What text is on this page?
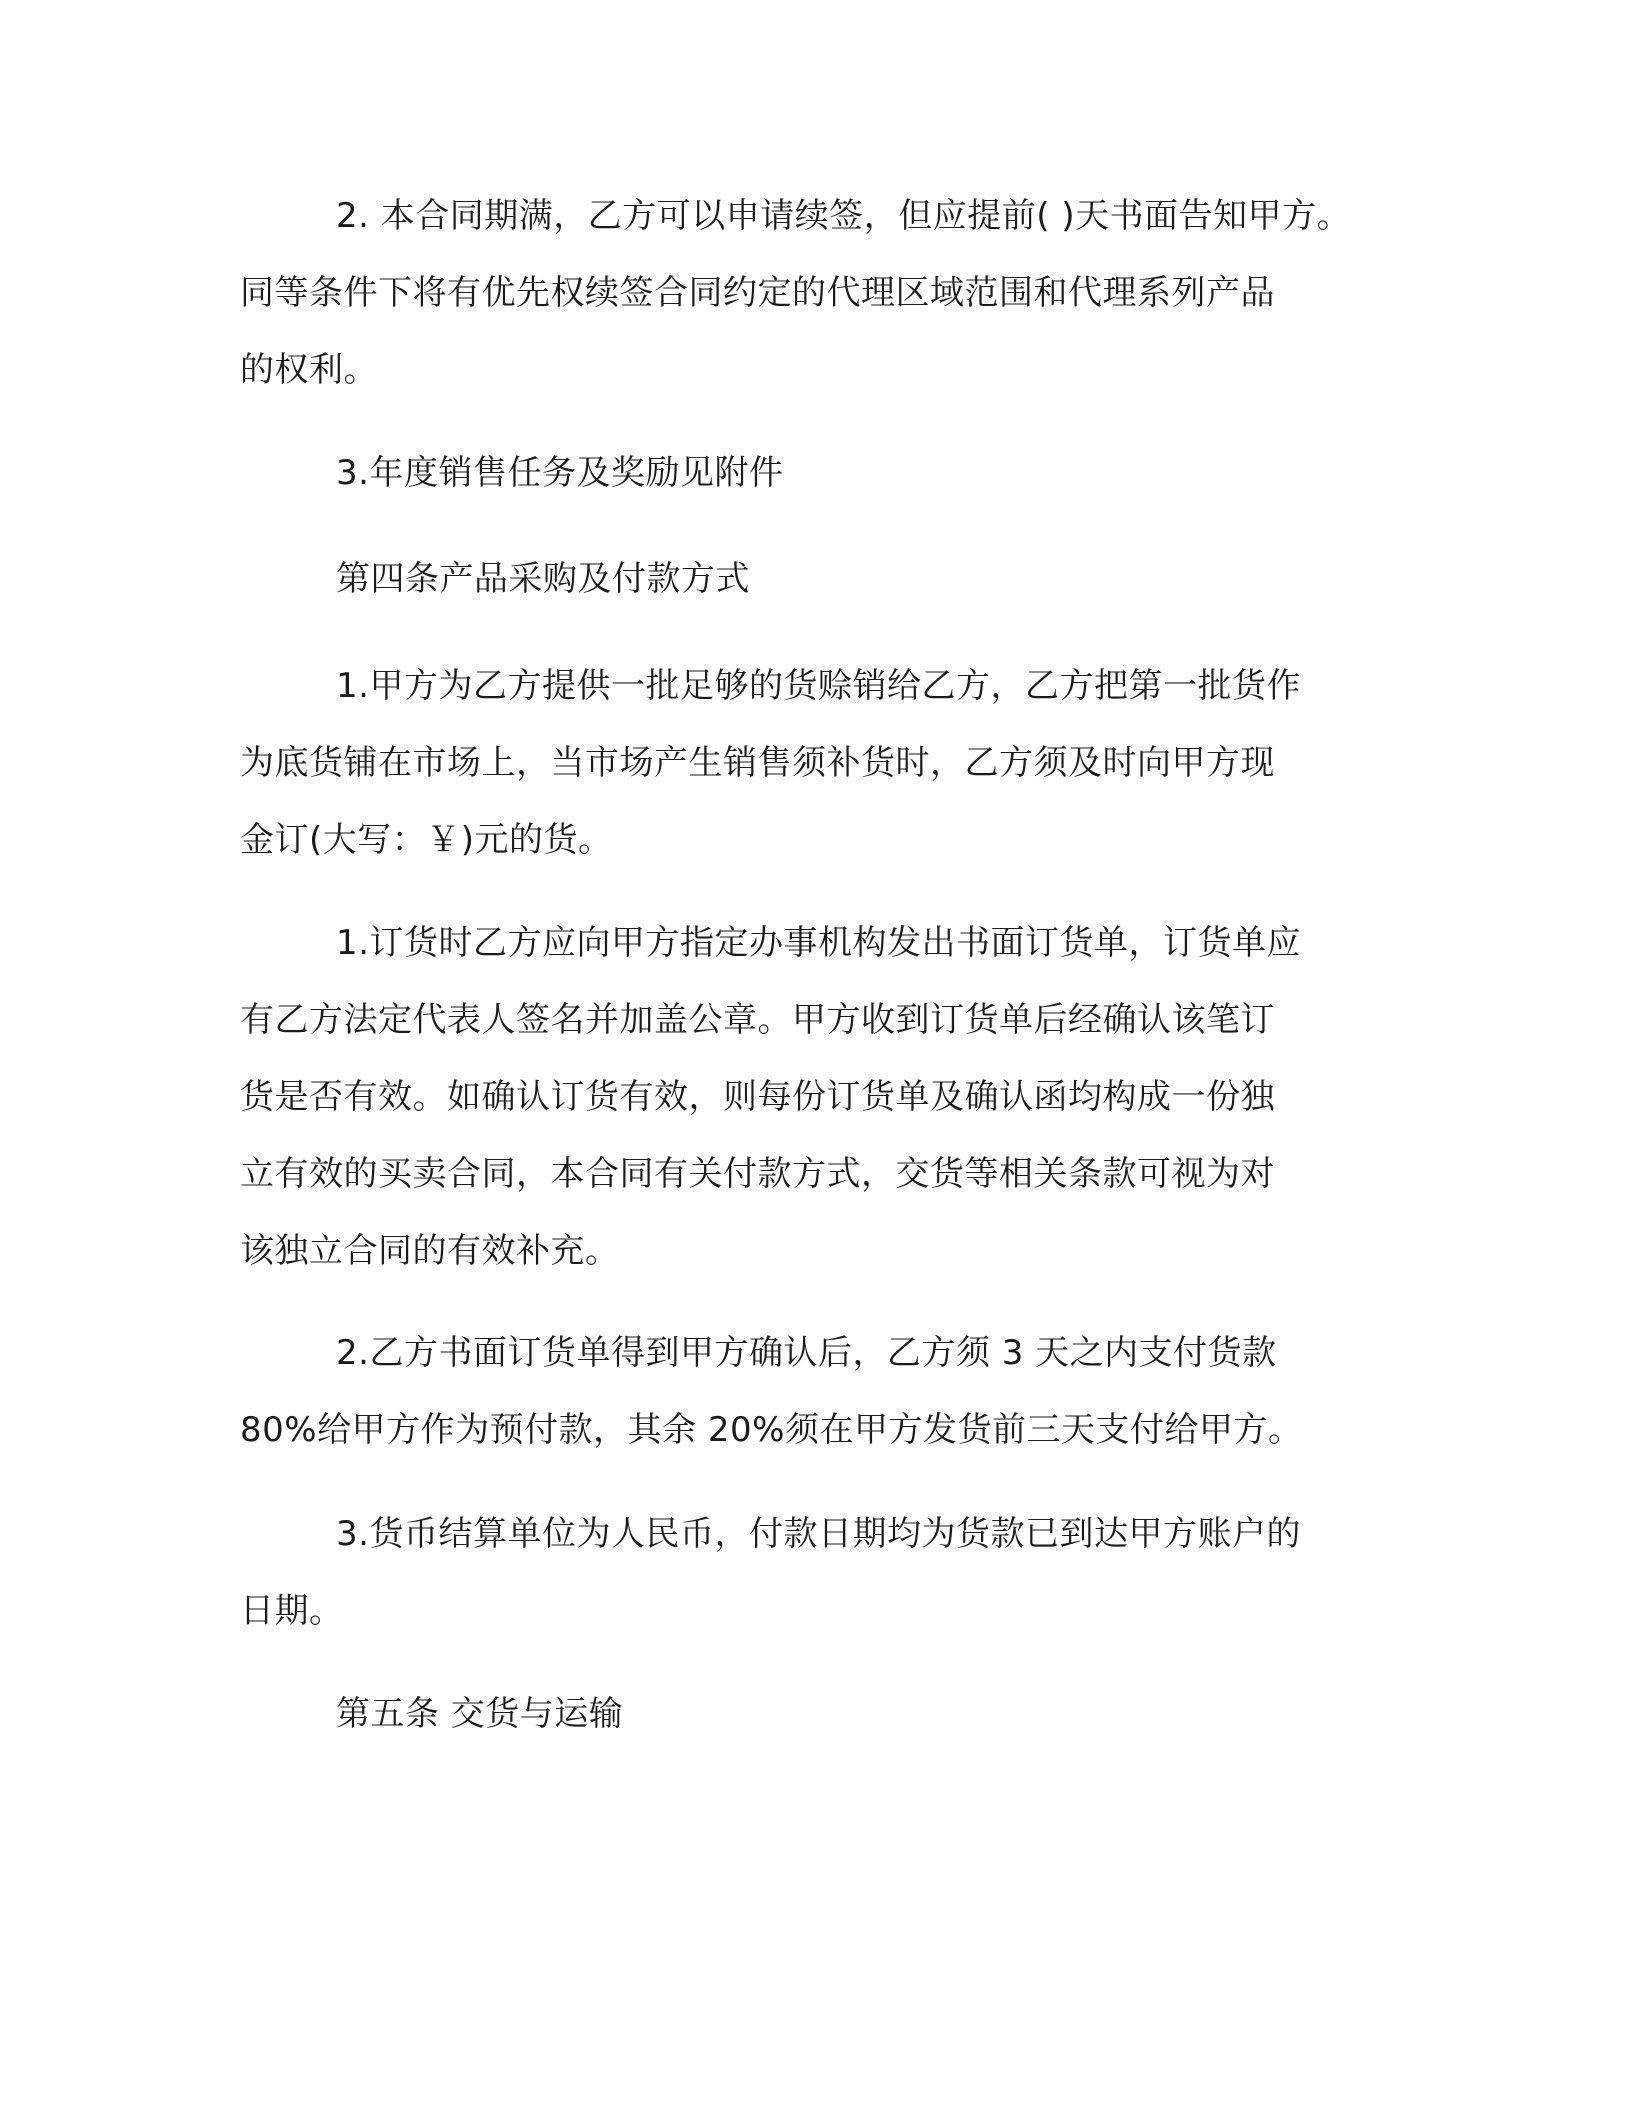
2. 本合同期满，乙方可以申请续签，但应提前( )天书面告知甲方。
同等条件下将有优先权续签合同约定的代理区域范围和代理系列产品
的权利。

3.年度销售任务及奖励见附件

第四条产品采购及付款方式

1.甲方为乙方提供一批足够的货赊销给乙方，乙方把第一批货作
为底货铺在市场上，当市场产生销售须补货时，乙方须及时向甲方现
金订(大写：￥)元的货。

1.订货时乙方应向甲方指定办事机构发出书面订货单，订货单应
有乙方法定代表人签名并加盖公章。甲方收到订货单后经确认该笔订
货是否有效。如确认订货有效，则每份订货单及确认函均构成一份独
立有效的买卖合同，本合同有关付款方式，交货等相关条款可视为对
该独立合同的有效补充。

2.乙方书面订货单得到甲方确认后，乙方须 3 天之内支付货款
80%给甲方作为预付款，其余 20%须在甲方发货前三天支付给甲方。

3.货币结算单位为人民币，付款日期均为货款已到达甲方账户的
日期。

第五条 交货与运输
